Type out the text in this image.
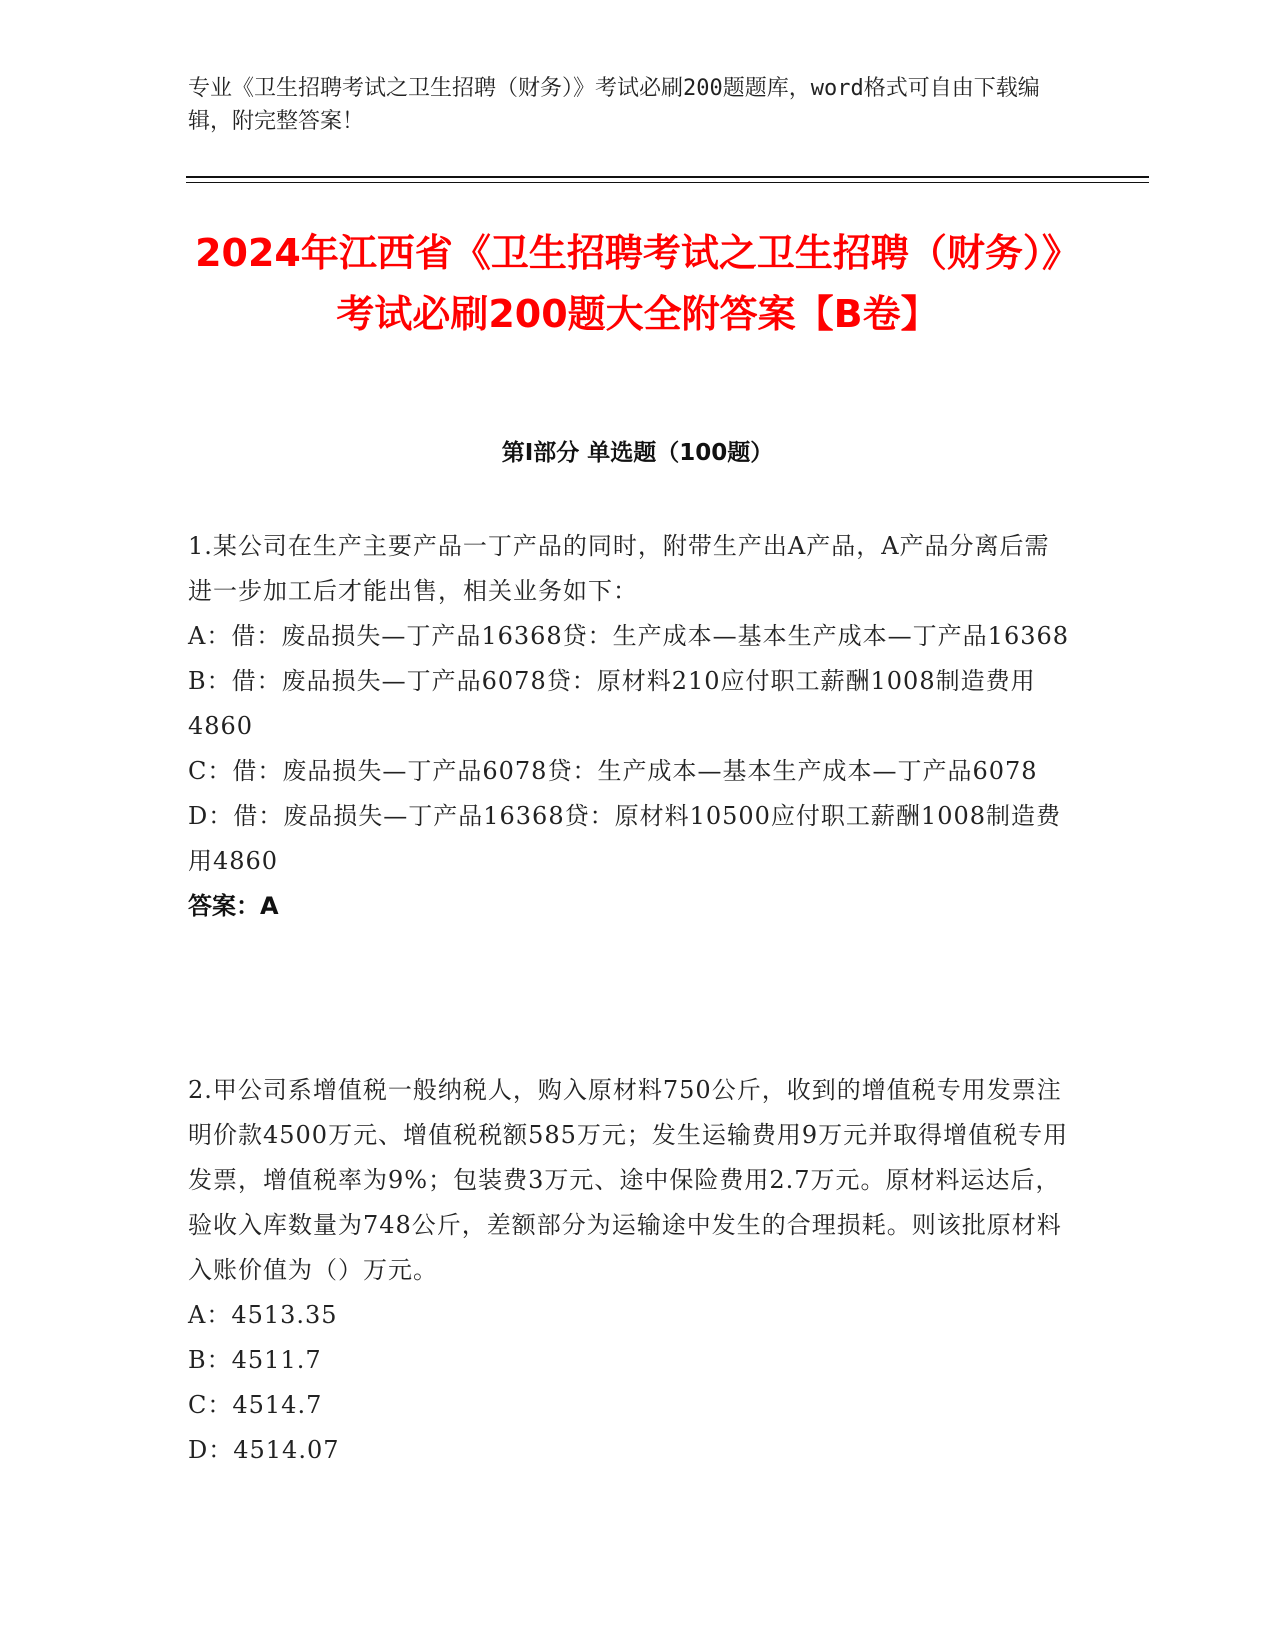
专业《卫生招聘考试之卫生招聘（财务）》考试必刷200题题库，word格式可自由下载编辑，附完整答案！
2024年江西省《卫生招聘考试之卫生招聘（财务）》考试必刷200题大全附答案【B卷】
第I部分 单选题（100题）

1.某公司在生产主要产品一丁产品的同时，附带生产出A产品，A产品分离后需进一步加工后才能出售，相关业务如下：

A：借：废品损失—丁产品16368贷：生产成本—基本生产成本—丁产品16368

B：借：废品损失—丁产品6078贷：原材料210应付职工薪酬1008制造费用4860

C：借：废品损失—丁产品6078贷：生产成本—基本生产成本—丁产品6078

D：借：废品损失—丁产品16368贷：原材料10500应付职工薪酬1008制造费用4860

答案：A

2.甲公司系增值税一般纳税人，购入原材料750公斤，收到的增值税专用发票注明价款4500万元、增值税税额585万元；发生运输费用9万元并取得增值税专用发票，增值税率为9%；包装费3万元、途中保险费用2.7万元。原材料运达后，验收入库数量为748公斤，差额部分为运输途中发生的合理损耗。则该批原材料入账价值为（）万元。

A：4513.35

B：4511.7

C：4514.7

D：4514.07
